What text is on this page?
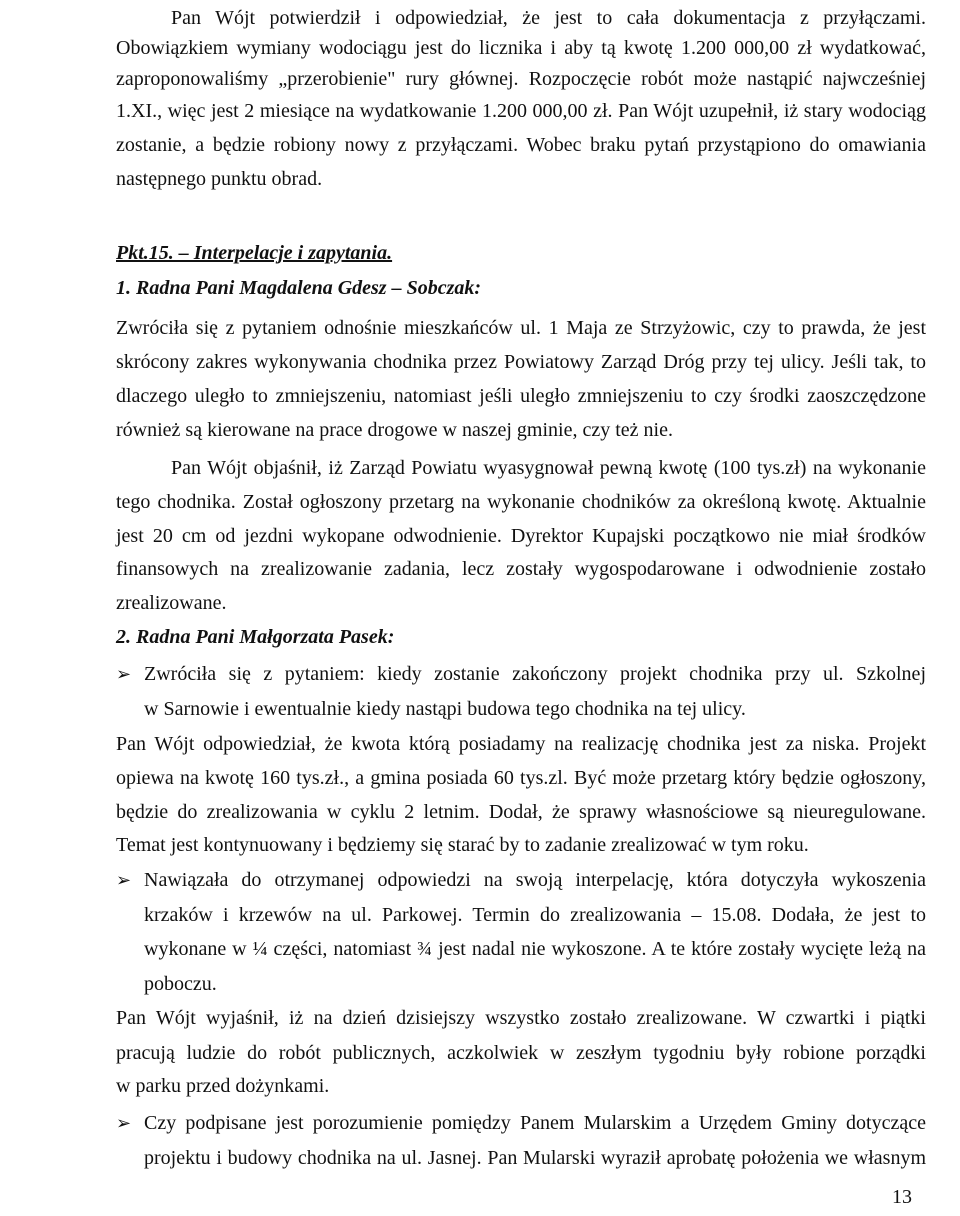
Pan Wójt potwierdził i odpowiedział, że jest to cała dokumentacja z przyłączami.
Obowiązkiem wymiany wodociągu jest do licznika i aby tą kwotę 1.200 000,00 zł wydatkować,
zaproponowaliśmy „przerobienie" rury głównej. Rozpoczęcie robót może nastąpić najwcześniej
1.XI., więc jest 2 miesiące na wydatkowanie 1.200 000,00 zł. Pan Wójt uzupełnił, iż stary wodociąg
zostanie, a będzie robiony nowy z przyłączami. Wobec braku pytań przystąpiono do omawiania
następnego punktu obrad.
Pkt.15. – Interpelacje i zapytania.
1. Radna Pani Magdalena Gdesz – Sobczak:
Zwróciła się z pytaniem odnośnie mieszkańców ul. 1 Maja ze Strzyżowic, czy to prawda, że jest
skrócony zakres wykonywania chodnika przez Powiatowy Zarząd Dróg przy tej ulicy. Jeśli tak, to
dlaczego uległo to zmniejszeniu, natomiast jeśli uległo zmniejszeniu to czy środki zaoszczędzone
również są kierowane na prace drogowe w naszej gminie, czy też nie.
Pan Wójt objaśnił, iż Zarząd Powiatu wyasygnował pewną kwotę (100 tys.zł) na wykonanie
tego chodnika. Został ogłoszony przetarg na wykonanie chodników za określoną kwotę. Aktualnie
jest 20 cm od jezdni wykopane odwodnienie. Dyrektor Kupajski początkowo nie miał środków
finansowych na zrealizowanie zadania, lecz zostały wygospodarowane i odwodnienie zostało
zrealizowane.
2. Radna Pani Małgorzata Pasek:
➢ Zwróciła się z pytaniem: kiedy zostanie zakończony projekt chodnika przy ul. Szkolnej
w Sarnowie i ewentualnie kiedy nastąpi budowa tego chodnika na tej ulicy.
Pan Wójt odpowiedział, że kwota którą posiadamy na realizację chodnika jest za niska. Projekt
opiewa na kwotę 160 tys.zł., a gmina posiada 60 tys.zl. Być może przetarg który będzie ogłoszony,
będzie do zrealizowania w cyklu 2 letnim. Dodał, że sprawy własnościowe są nieuregulowane.
Temat jest kontynuowany i będziemy się starać by to zadanie zrealizować w tym roku.
➢ Nawiązała do otrzymanej odpowiedzi na swoją interpelację, która dotyczyła wykoszenia
krzaków i krzewów na ul. Parkowej. Termin do zrealizowania – 15.08. Dodała, że jest to
wykonane w ¼ części, natomiast ¾ jest nadal nie wykoszone. A te które zostały wycięte leżą na
poboczu.
Pan Wójt wyjaśnił, iż na dzień dzisiejszy wszystko zostało zrealizowane. W czwartki i piątki
pracują ludzie do robót publicznych, aczkolwiek w zeszłym tygodniu były robione porządki
w parku przed dożynkami.
➢ Czy podpisane jest porozumienie pomiędzy Panem Mularskim a Urzędem Gminy dotyczące
projektu i budowy chodnika na ul. Jasnej. Pan Mularski wyraził aprobatę położenia we własnym
13
